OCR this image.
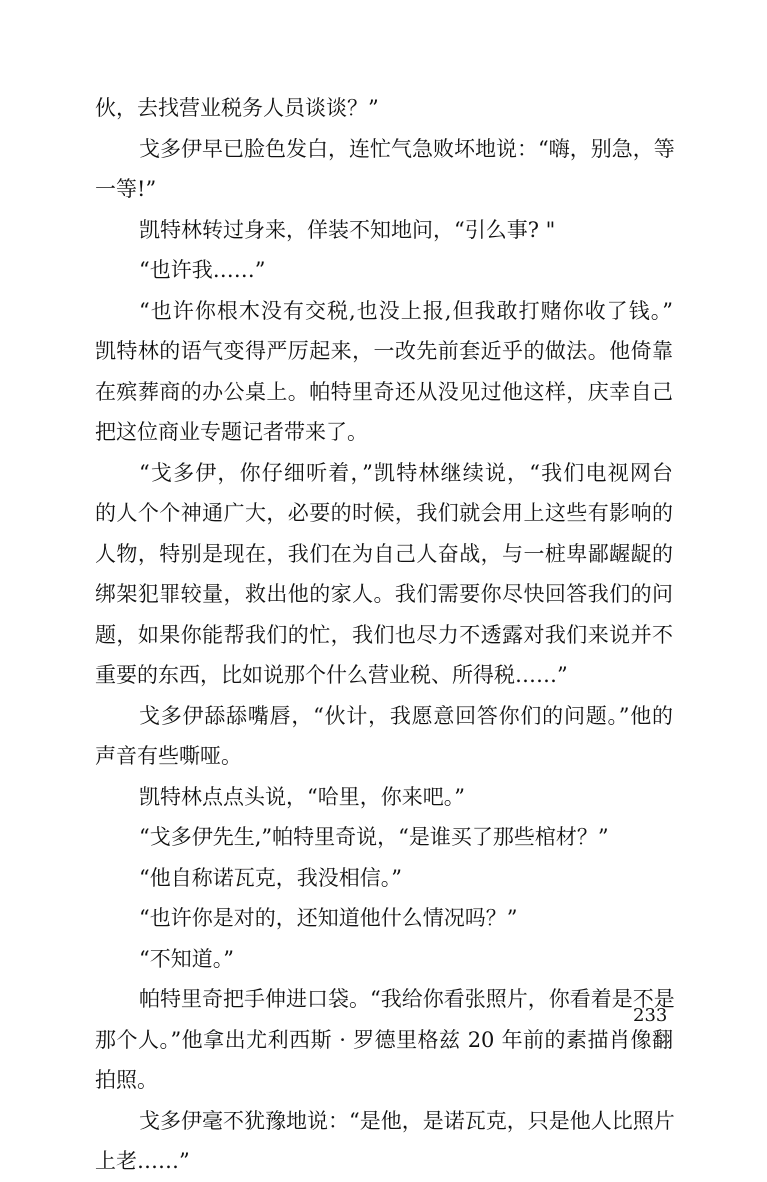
伙，去找营业税务人员谈谈？”
戈多伊早已脸色发白，连忙气急败坏地说：“嗨，别急，等
一等!”
凯特林转过身来，佯装不知地问，“引么事? "
“也许我……”
“也许你根木没有交税,也没上报,但我敢打赌你收了钱。”
凯特林的语气变得严厉起来，一改先前套近乎的做法。他倚靠
在殡葬商的办公桌上。帕特里奇还从没见过他这样，庆幸自己
把这位商业专题记者带来了。
“戈多伊，你仔细听着，”凯特林继续说，“我们电视网台
的人个个神通广大，必要的时候，我们就会用上这些有影响的
人物，特别是现在，我们在为自己人奋战，与一桩卑鄙龌龊的
绑架犯罪较量，救出他的家人。我们需要你尽快回答我们的问
题，如果你能帮我们的忙，我们也尽力不透露对我们来说并不
重要的东西，比如说那个什么营业税、所得税……”
戈多伊舔舔嘴唇，“伙计，我愿意回答你们的问题。”他的
声音有些嘶哑。
凯特林点点头说，“哈里，你来吧。”
“戈多伊先生,”帕特里奇说，“是谁买了那些棺材？”
“他自称诺瓦克，我没相信。”
“也许你是对的，还知道他什么情况吗？”
“不知道。”
帕特里奇把手伸进口袋。“我给你看张照片，你看着是不是
那个人。”他拿出尤利西斯 · 罗德里格兹 20 年前的素描肖像翻
拍照。
戈多伊毫不犹豫地说：“是他，是诺瓦克，只是他人比照片
上老……”
233
